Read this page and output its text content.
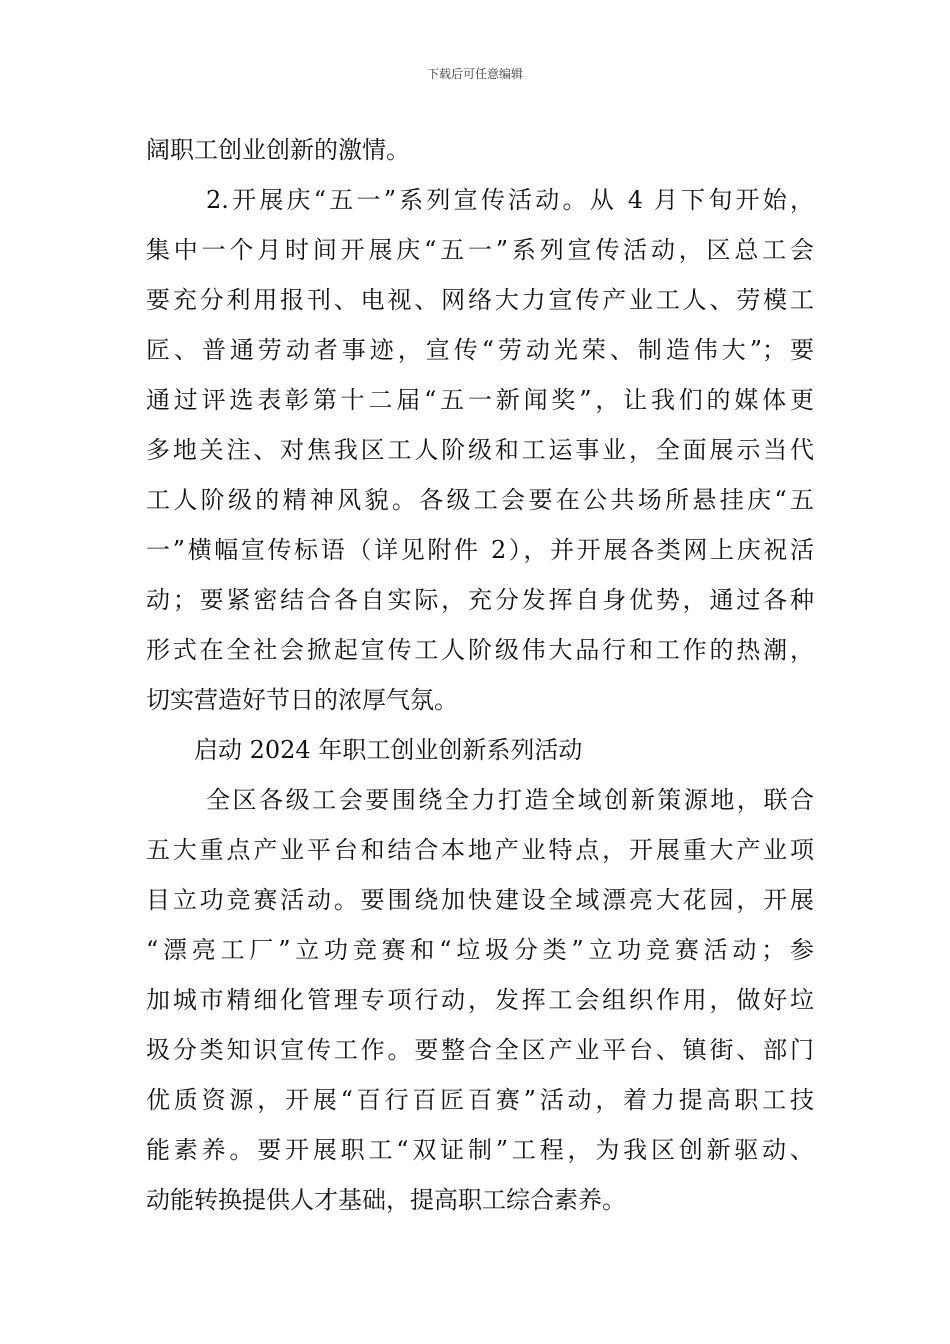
下载后可任意编辑
阔职工创业创新的激情。
2.开展庆“五一”系列宣传活动。从 4 月下旬开始，
集中一个月时间开展庆“五一”系列宣传活动，区总工会
要充分利用报刊、电视、网络大力宣传产业工人、劳模工
匠、普通劳动者事迹，宣传“劳动光荣、制造伟大”；要
通过评选表彰第十二届“五一新闻奖”，让我们的媒体更
多地关注、对焦我区工人阶级和工运事业，全面展示当代
工人阶级的精神风貌。各级工会要在公共场所悬挂庆“五
一”横幅宣传标语（详见附件 2），并开展各类网上庆祝活
动；要紧密结合各自实际，充分发挥自身优势，通过各种
形式在全社会掀起宣传工人阶级伟大品行和工作的热潮，
切实营造好节日的浓厚气氛。
启动 2024 年职工创业创新系列活动
全区各级工会要围绕全力打造全域创新策源地，联合
五大重点产业平台和结合本地产业特点，开展重大产业项
目立功竞赛活动。要围绕加快建设全域漂亮大花园，开展
“漂亮工厂”立功竞赛和“垃圾分类”立功竞赛活动；参
加城市精细化管理专项行动，发挥工会组织作用，做好垃
圾分类知识宣传工作。要整合全区产业平台、镇街、部门
优质资源，开展“百行百匠百赛”活动，着力提高职工技
能素养。要开展职工“双证制”工程，为我区创新驱动、
动能转换提供人才基础，提高职工综合素养。
